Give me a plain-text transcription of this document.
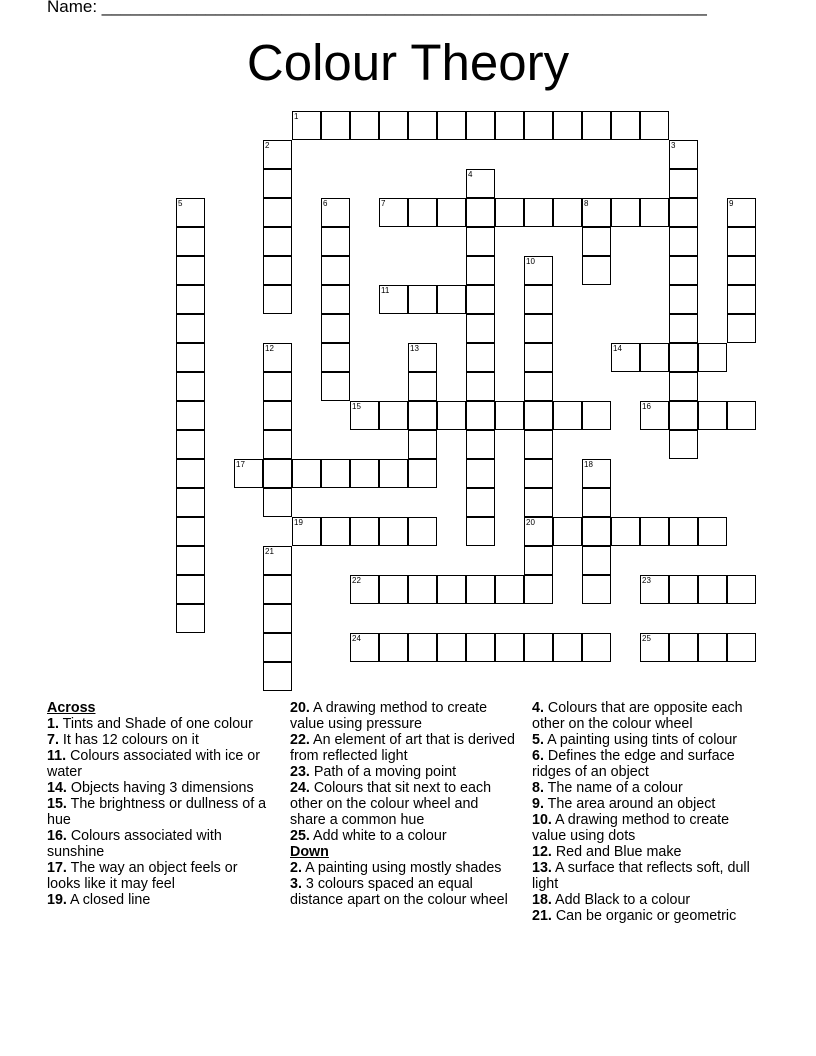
Name: ________________________________________________________________
Colour Theory
1
2	3
4
5	6	7	8	9
10
11
12	13	14
15	16
17	18
19	20
21
22	23
24	25
Across
1. Tints and Shade of one colour
7. It has 12 colours on it
11. Colours associated with ice or water
14. Objects having 3 dimensions
15. The brightness or dullness of a hue
16. Colours associated with sunshine
17. The way an object feels or looks like it may feel
19. A closed line
20. A drawing method to create value using pressure
22. An element of art that is derived from reflected light
23. Path of a moving point
24. Colours that sit next to each other on the colour wheel and share a common hue
25. Add white to a colour
Down
2. A painting using mostly shades
3. 3 colours spaced an equal distance apart on the colour wheel
4. Colours that are opposite each other on the colour wheel
5. A painting using tints of colour
6. Defines the edge and surface ridges of an object
8. The name of a colour
9. The area around an object
10. A drawing method to create value using dots
12. Red and Blue make
13. A surface that reflects soft, dull light
18. Add Black to a colour
21. Can be organic or geometric
